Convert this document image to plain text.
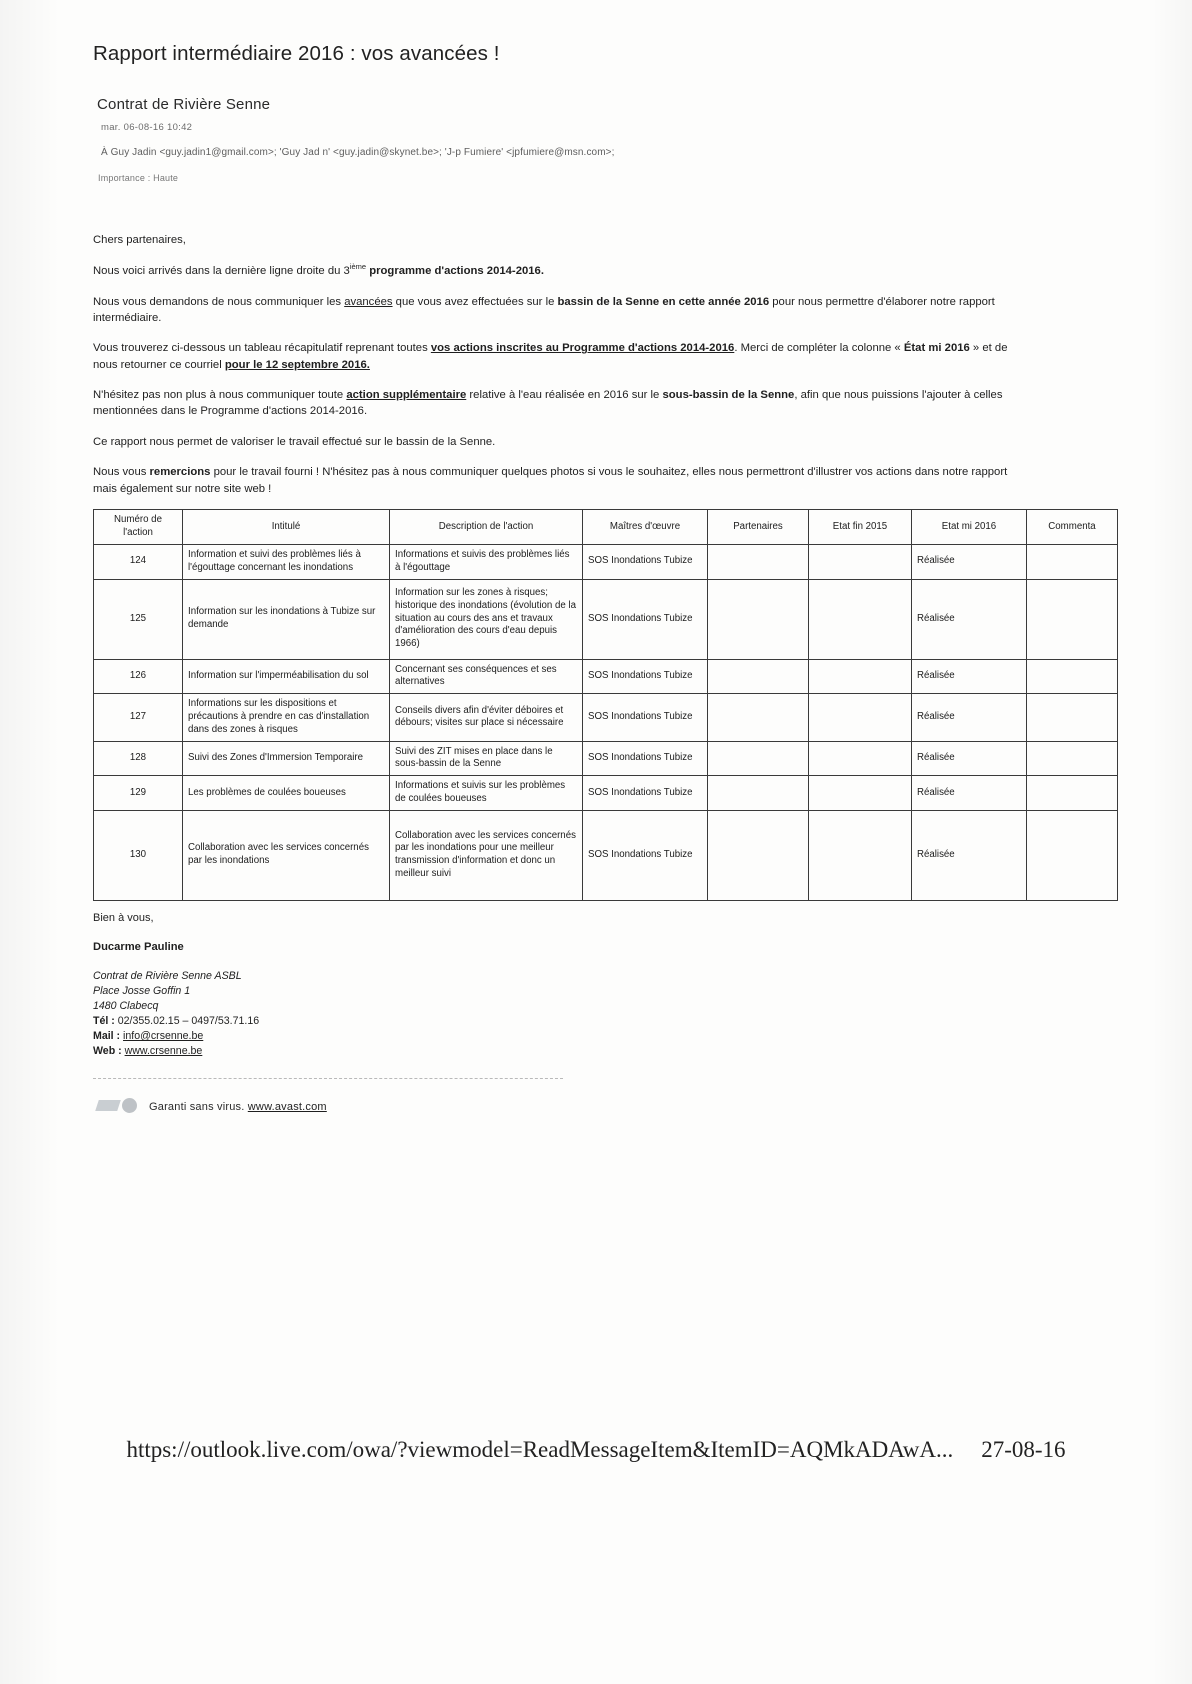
Rapport intermédiaire 2016 : vos avancées !
Contrat de Rivière Senne
mar. 06-08-16 10:42
À Guy Jadin <guy.jadin1@gmail.com>; 'Guy Jad n' <guy.jadin@skynet.be>; 'J-p Fumiere' <jpfumiere@msn.com>;
Importance : Haute

Chers partenaires,

Nous voici arrivés dans la dernière ligne droite du 3ième programme d'actions 2014-2016.

Nous vous demandons de nous communiquer les avancées que vous avez effectuées sur le bassin de la Senne en cette année 2016 pour nous permettre d'élaborer notre rapport intermédiaire.

Vous trouverez ci-dessous un tableau récapitulatif reprenant toutes vos actions inscrites au Programme d'actions 2014-2016. Merci de compléter la colonne « État mi 2016 » et de nous retourner ce courriel pour le 12 septembre 2016.

N'hésitez pas non plus à nous communiquer toute action supplémentaire relative à l'eau réalisée en 2016 sur le sous-bassin de la Senne, afin que nous puissions l'ajouter à celles mentionnées dans le Programme d'actions 2014-2016.

Ce rapport nous permet de valoriser le travail effectué sur le bassin de la Senne.

Nous vous remercions pour le travail fourni ! N'hésitez pas à nous communiquer quelques photos si vous le souhaitez, elles nous permettront d'illustrer vos actions dans notre rapport mais également sur notre site web !

Numéro de l'action	Intitulé	Description de l'action	Maîtres d'œuvre	Partenaires	Etat fin 2015	Etat mi 2016	Commenta
124	Information et suivi des problèmes liés à l'égouttage concernant les inondations	Informations et suivis des problèmes liés à l'égouttage	SOS Inondations Tubize			Réalisée	
125	Information sur les inondations à Tubize sur demande	Information sur les zones à risques; historique des inondations (évolution de la situation au cours des ans et travaux d'amélioration des cours d'eau depuis 1966)	SOS Inondations Tubize			Réalisée	
126	Information sur l'imperméabilisation du sol	Concernant ses conséquences et ses alternatives	SOS Inondations Tubize			Réalisée	
127	Informations sur les dispositions et précautions à prendre en cas d'installation dans des zones à risques	Conseils divers afin d'éviter déboires et débours; visites sur place si nécessaire	SOS Inondations Tubize			Réalisée	
128	Suivi des Zones d'Immersion Temporaire	Suivi des ZIT mises en place dans le sous-bassin de la Senne	SOS Inondations Tubize			Réalisée	
129	Les problèmes de coulées boueuses	Informations et suivis sur les problèmes de coulées boueuses	SOS Inondations Tubize			Réalisée	
130	Collaboration avec les services concernés par les inondations	Collaboration avec les services concernés par les inondations pour une meilleur transmission d'information et donc un meilleur suivi	SOS Inondations Tubize			Réalisée	
Bien à vous,
Ducarme Pauline
Contrat de Rivière Senne ASBL
Place Josse Goffin 1
1480 Clabecq
Tél : 02/355.02.15 – 0497/53.71.16
Mail : info@crsenne.be
Web : www.crsenne.be
Garanti sans virus. www.avast.com
https://outlook.live.com/owa/?viewmodel=ReadMessageItem&ItemID=AQMkADAwA... 27-08-16
